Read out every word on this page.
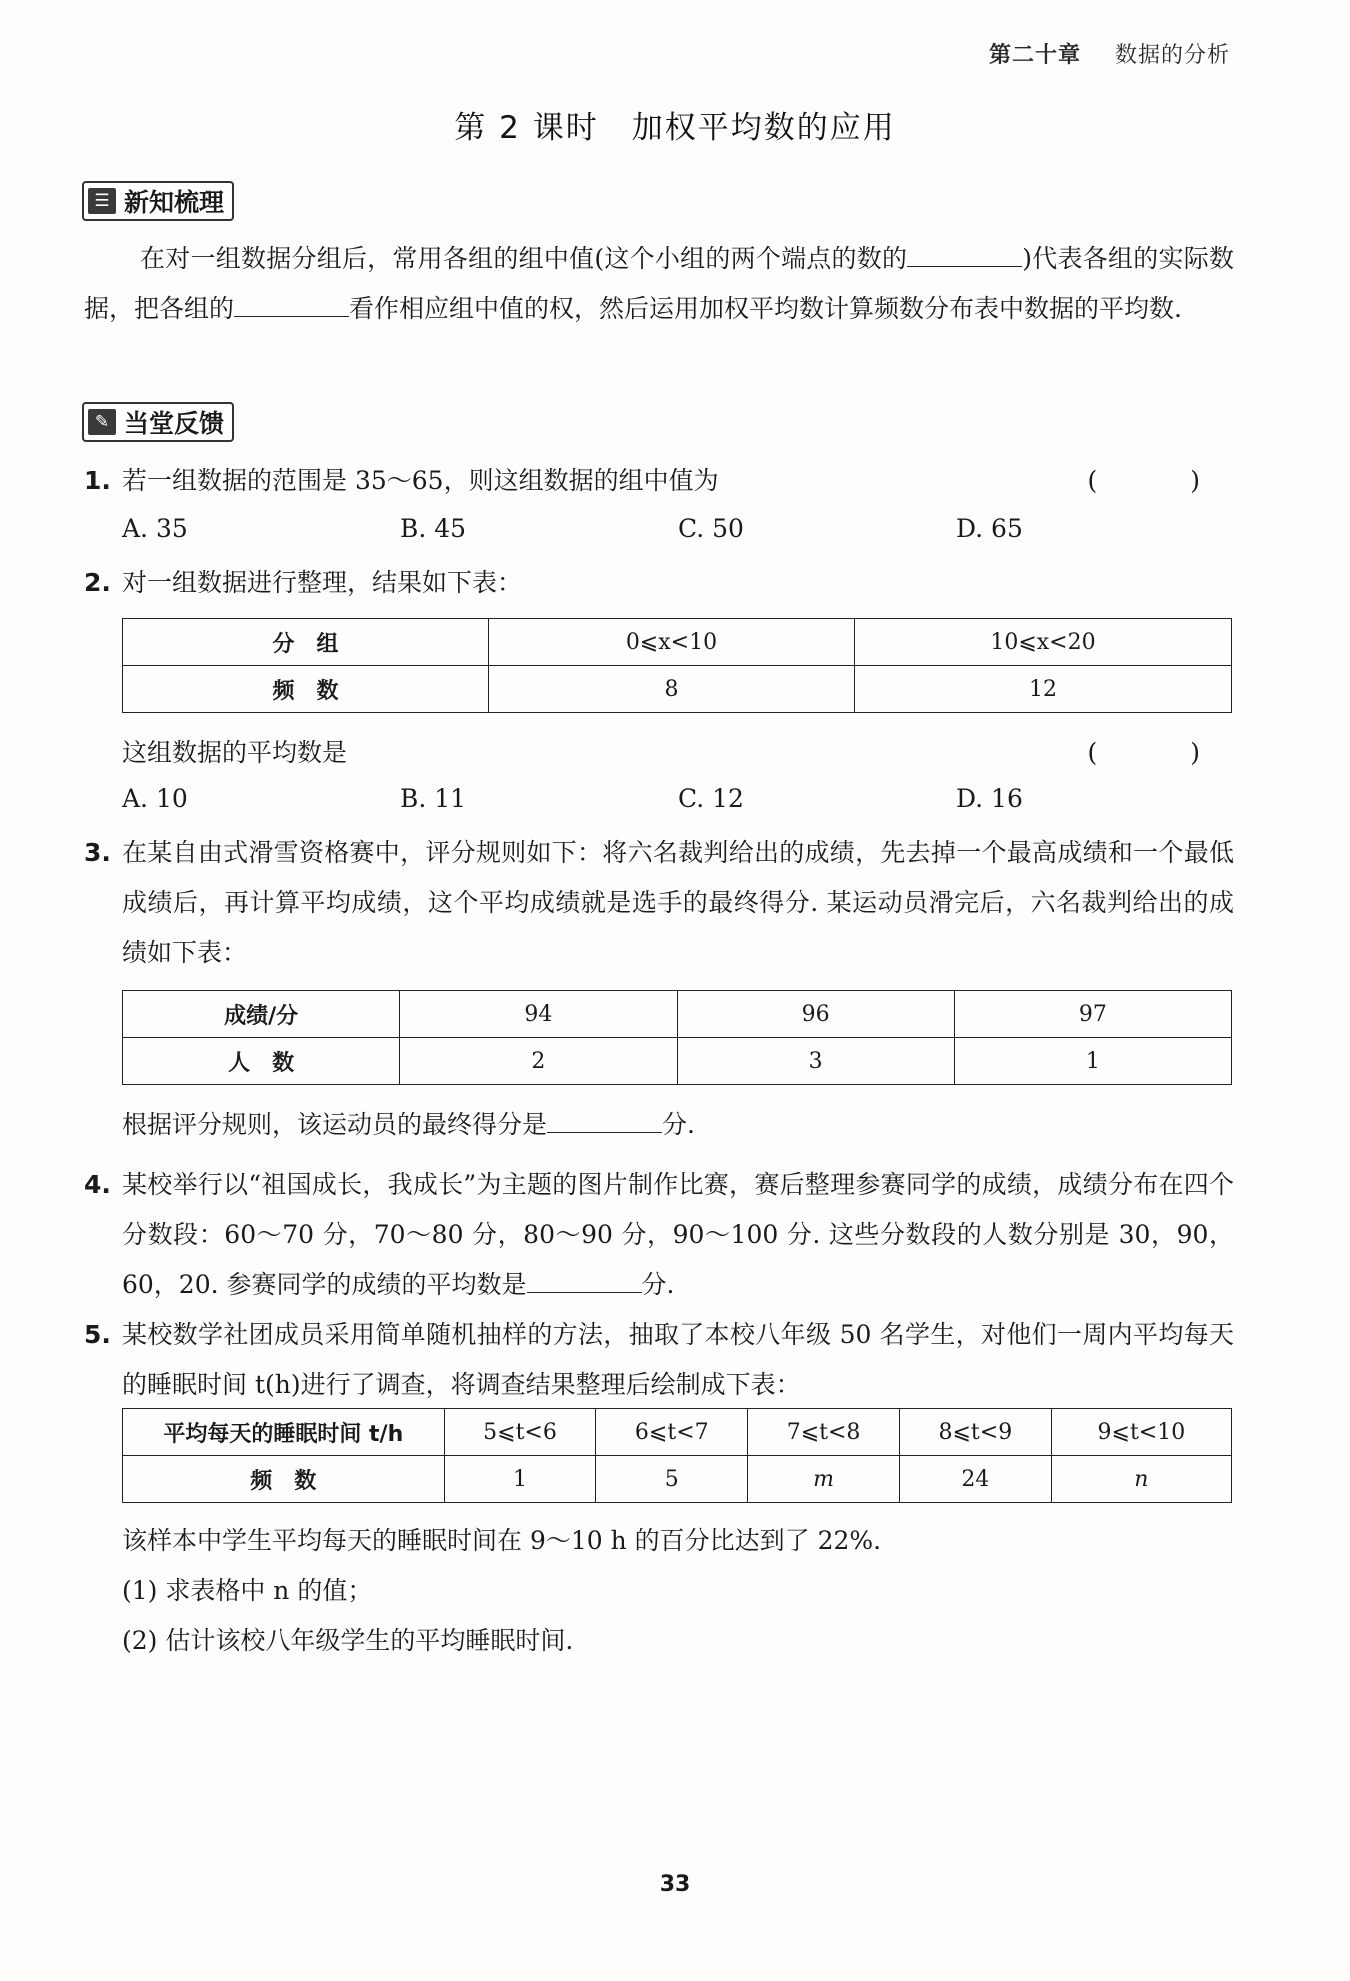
第二十章 数据的分析
第 2 课时　加权平均数的应用
☰ 新知梳理
在对一组数据分组后，常用各组的组中值(这个小组的两个端点的数的	)代表各组的实际数据，把各组的	看作相应组中值的权，然后运用加权平均数计算频数分布表中数据的平均数.
✎ 当堂反馈
1. 若一组数据的范围是 35～65，则这组数据的组中值为	(　)
A. 35	B. 45	C. 50	D. 65
2. 对一组数据进行整理，结果如下表：
分　组	0⩽x<10	10⩽x<20
频　数	8	12
这组数据的平均数是	(　)
A. 10	B. 11	C. 12	D. 16
3. 在某自由式滑雪资格赛中，评分规则如下：将六名裁判给出的成绩，先去掉一个最高成绩和一个最低成绩后，再计算平均成绩，这个平均成绩就是选手的最终得分. 某运动员滑完后，六名裁判给出的成绩如下表：
成绩/分	94	96	97
人　数	2	3	1
根据评分规则，该运动员的最终得分是	分.
4. 某校举行以“祖国成长，我成长”为主题的图片制作比赛，赛后整理参赛同学的成绩，成绩分布在四个分数段：60～70 分，70～80 分，80～90 分，90～100 分. 这些分数段的人数分别是 30，90，60，20. 参赛同学的成绩的平均数是	分.
5. 某校数学社团成员采用简单随机抽样的方法，抽取了本校八年级 50 名学生，对他们一周内平均每天的睡眠时间 t(h)进行了调查，将调查结果整理后绘制成下表：
平均每天的睡眠时间 t/h	5⩽t<6	6⩽t<7	7⩽t<8	8⩽t<9	9⩽t<10
频　数	1	5	m	24	n
该样本中学生平均每天的睡眠时间在 9～10 h 的百分比达到了 22%.
(1) 求表格中 n 的值；
(2) 估计该校八年级学生的平均睡眠时间.
33
